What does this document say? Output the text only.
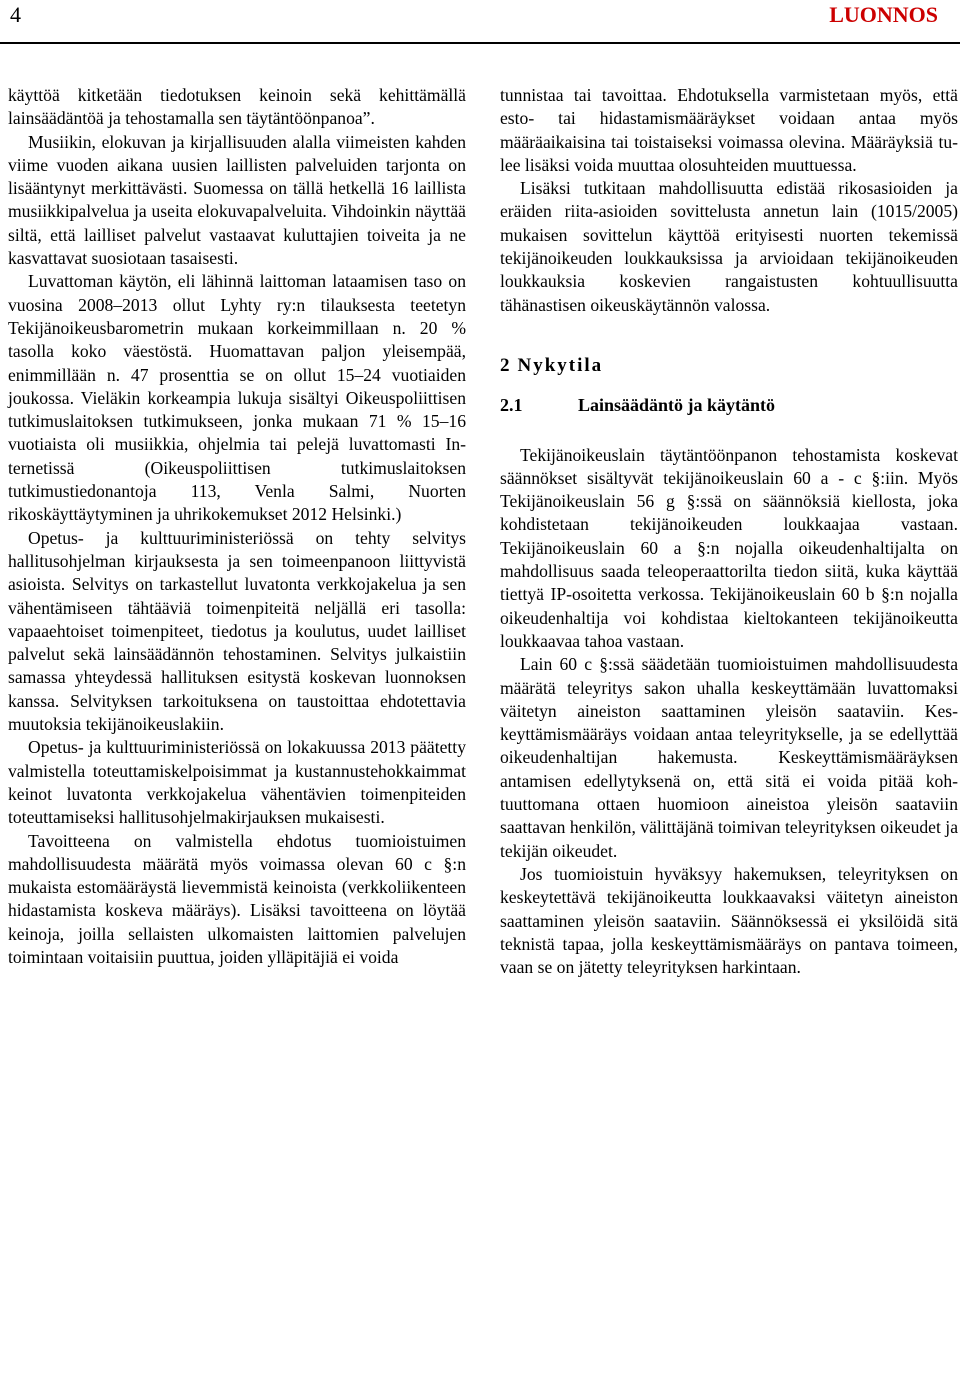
4	LUONNOS

käyttöä kitketään tiedotuksen keinoin sekä kehittämällä lainsäädäntöä ja tehostamalla sen täytäntöönpanoa”.

Musiikin, elokuvan ja kirjallisuuden alalla viimeisten kahden viime vuoden aikana uusien laillisten palveluiden tarjonta on lisääntynyt merkittävästi. Suomessa on tällä hetkellä 16 laillista musiikkipalvelua ja useita elokuvapalveluita. Vihdoinkin näyttää siltä, että lailliset palvelut vastaavat kuluttajien toiveita ja ne kasvattavat suosiotaan tasaisesti.

Luvattoman käytön, eli lähinnä laittoman lataamisen taso on vuosina 2008–2013 ollut Lyhty ry:n tilauksesta teetetyn Tekijänoikeusbarometrin mukaan korkeimmillaan n. 20 % tasolla koko väestöstä. Huomattavan paljon yleisempää, enimmillään n. 47 prosenttia se on ollut 15–24 vuotiaiden joukossa. Vieläkin korkeampia lukuja sisältyi Oikeuspoliittisen tutkimuslaitoksen tutkimukseen, jonka mukaan 71 % 15–16 vuotiaista oli musiikkia, ohjelmia tai pelejä luvattomasti Internetissä (Oikeuspoliittisen tutkimuslaitoksen tutkimustiedonantoja 113, Venla Salmi, Nuorten rikoskäyttäytyminen ja uhrikokemukset 2012 Helsinki.)

Opetus- ja kulttuuriministeriössä on tehty selvitys hallitusohjelman kirjauksesta ja sen toimeenpanoon liittyvistä asioista. Selvitys on tarkastellut luvatonta verkkojakelua ja sen vähentämiseen tähtääviä toimenpiteitä neljällä eri tasolla: vapaaehtoiset toimenpiteet, tiedotus ja koulutus, uudet lailliset palvelut sekä lainsäädännön tehostaminen. Selvitys julkaistiin samassa yhteydessä hallituksen esitystä koskevan luonnoksen kanssa. Selvityksen tarkoituksena on taustoittaa ehdotettavia muutoksia tekijänoikeuslakiin.

Opetus- ja kulttuuriministeriössä on lokakuussa 2013 päätetty valmistella toteuttamiskelpoisimmat ja kustannustehokkaimmat keinot luvatonta verkkojakelua vähentävien toimenpiteiden toteuttamiseksi hallitusohjelmakirjauksen mukaisesti.

Tavoitteena on valmistella ehdotus tuomioistuimen mahdollisuudesta määrätä myös voimassa olevan 60 c §:n mukaista estomääräystä lievemmistä keinoista (verkkoliikenteen hidastamista koskeva määräys). Lisäksi tavoitteena on löytää keinoja, joilla sellaisten ulkomaisten laittomien palvelujen toimintaan voitaisiin puuttua, joiden ylläpitäjiä ei voida

tunnistaa tai tavoittaa. Ehdotuksella varmistetaan myös, että esto- tai hidastamismääräykset voidaan antaa myös määräaikaisina tai toistaiseksi voimassa olevina. Määräyksiä tulee lisäksi voida muuttaa olosuhteiden muuttuessa.

Lisäksi tutkitaan mahdollisuutta edistää rikosasioiden ja eräiden riita-asioiden sovittelusta annetun lain (1015/2005) mukaisen sovittelun käyttöä erityisesti nuorten tekemissä tekijänoikeuden loukkauksissa ja arvioidaan tekijänoikeuden loukkauksia koskevien rangaistusten kohtuullisuutta tähänastisen oikeuskäytännön valossa.

2 Nykytila
2.1	Lainsäädäntö ja käytäntö

Tekijänoikeuslain täytäntöönpanon tehostamista koskevat säännökset sisältyvät tekijänoikeuslain 60 a - c §:iin. Myös Tekijänoikeuslain 56 g §:ssä on säännöksiä kiellosta, joka kohdistetaan tekijänoikeuden loukkaajaa vastaan. Tekijänoikeuslain 60 a §:n nojalla oikeudenhaltijalta on mahdollisuus saada teleoperaattorilta tiedon siitä, kuka käyttää tiettyä IP-osoitetta verkossa. Tekijänoikeuslain 60 b §:n nojalla oikeudenhaltija voi kohdistaa kieltokanteen tekijänoikeutta loukkaavaa tahoa vastaan.

Lain 60 c §:ssä säädetään tuomioistuimen mahdollisuudesta määrätä teleyritys sakon uhalla keskeyttämään luvattomaksi väitetyn aineiston saattaminen yleisön saataviin. Keskeyttämismääräys voidaan antaa teleyritykselle, ja se edellyttää oikeudenhaltijan hakemusta. Keskeyttämismääräyksen antamisen edellytyksenä on, että sitä ei voida pitää kohtuuttomana ottaen huomioon aineistoa yleisön saataviin saattavan henkilön, välittäjänä toimivan teleyrityksen oikeudet ja tekijän oikeudet.

Jos tuomioistuin hyväksyy hakemuksen, teleyrityksen on keskeytettävä tekijänoikeutta loukkaavaksi väitetyn aineiston saattaminen yleisön saataviin. Säännöksessä ei yksilöidä sitä teknistä tapaa, jolla keskeyttämismääräys on pantava toimeen, vaan se on jätetty teleyrityksen harkintaan.
